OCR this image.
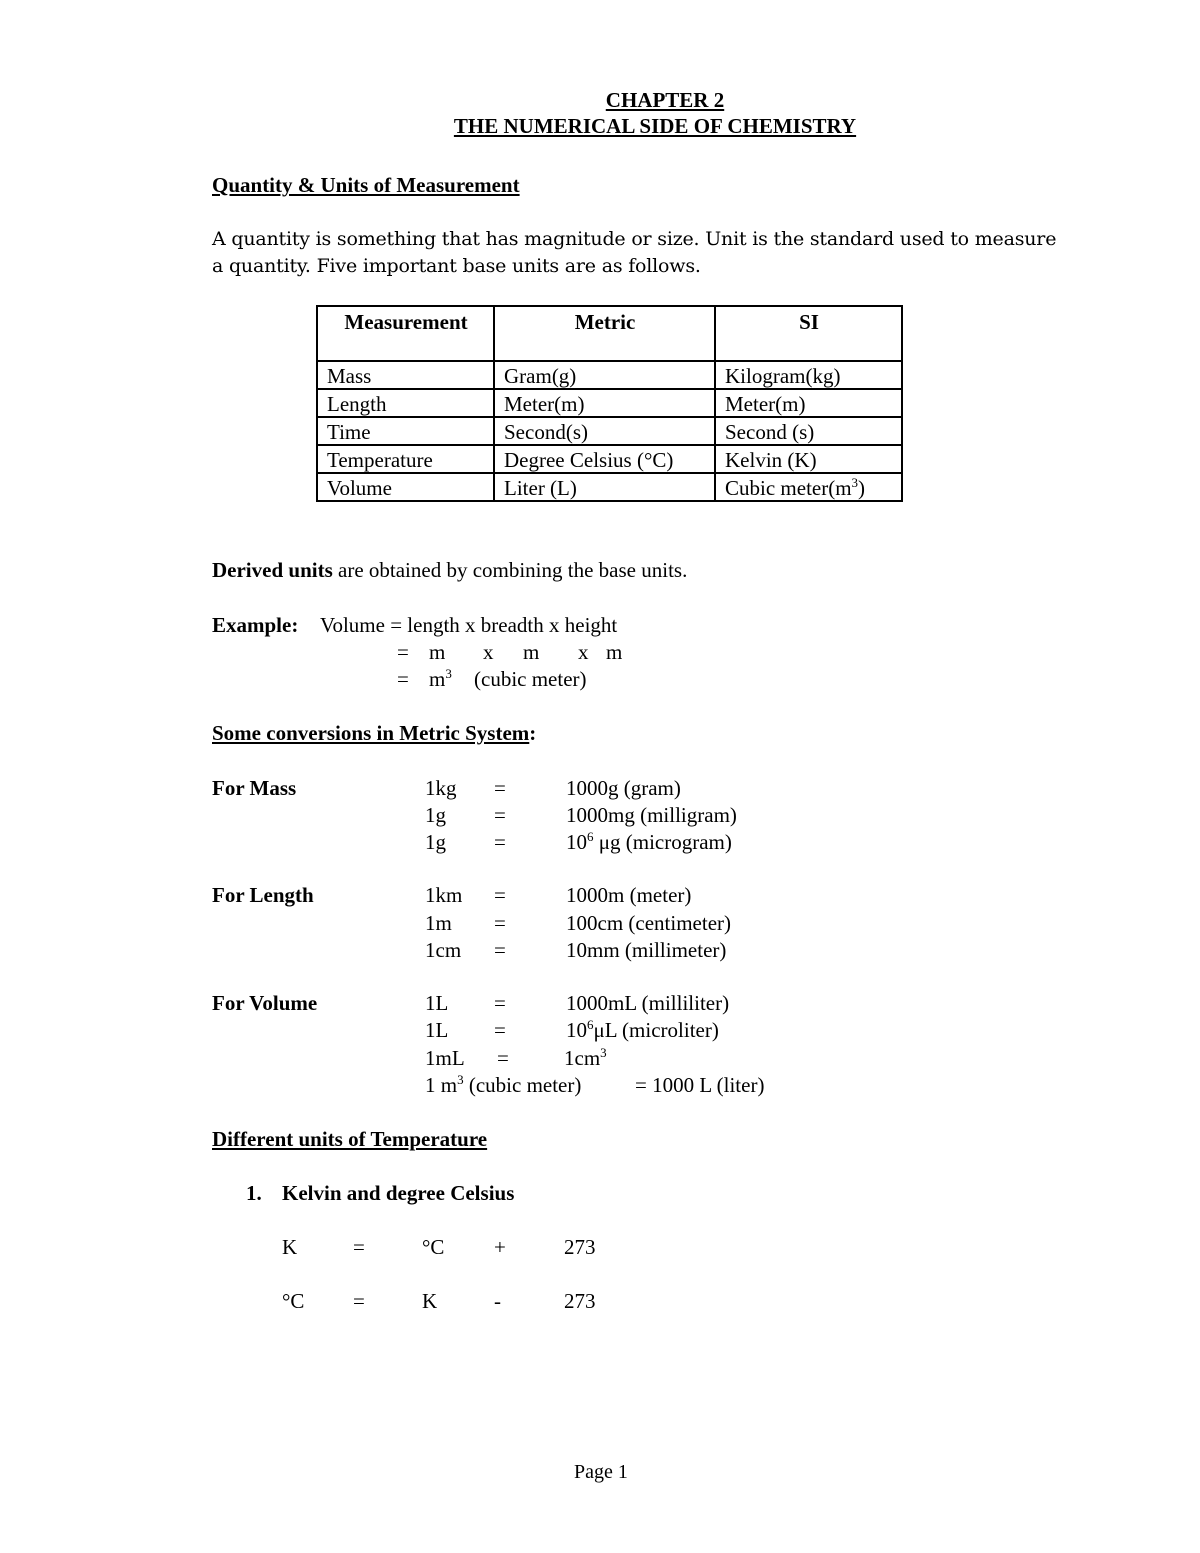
CHAPTER 2
THE NUMERICAL SIDE OF CHEMISTRY
Quantity & Units of Measurement
A quantity is something that has magnitude or size. Unit is the standard used to measure
a quantity. Five important base units are as follows.
Measurement	Metric	SI
Mass	Gram(g)	Kilogram(kg)
Length	Meter(m)	Meter(m)
Time	Second(s)	Second (s)
Temperature	Degree Celsius (°C)	Kelvin (K)
Volume	Liter (L)	Cubic $meter(m^3)$
Derived units are obtained by combining the base units.
Example: Volume = length x breadth x height
= m x m x m
= $m^3$ (cubic meter)
Some conversions in Metric System:
For Mass	1kg =	1000g (gram)
1g =	1000mg (milligram)
1g =	$10^6$ μg (microgram)
For Length	1km =	1000m (meter)
1m =	100cm (centimeter)
1cm =	10mm (millimeter)
For Volume	1L =	1000mL (milliliter)
1L =	$10^6\mu L$ (microliter)
1mL =	$1cm^3$
1 $m^3$ (cubic meter)	= 1000 L (liter)
Different units of Temperature
1. Kelvin and degree Celsius
K	=	°C +	273
°C =	K	-	273
Page 1
